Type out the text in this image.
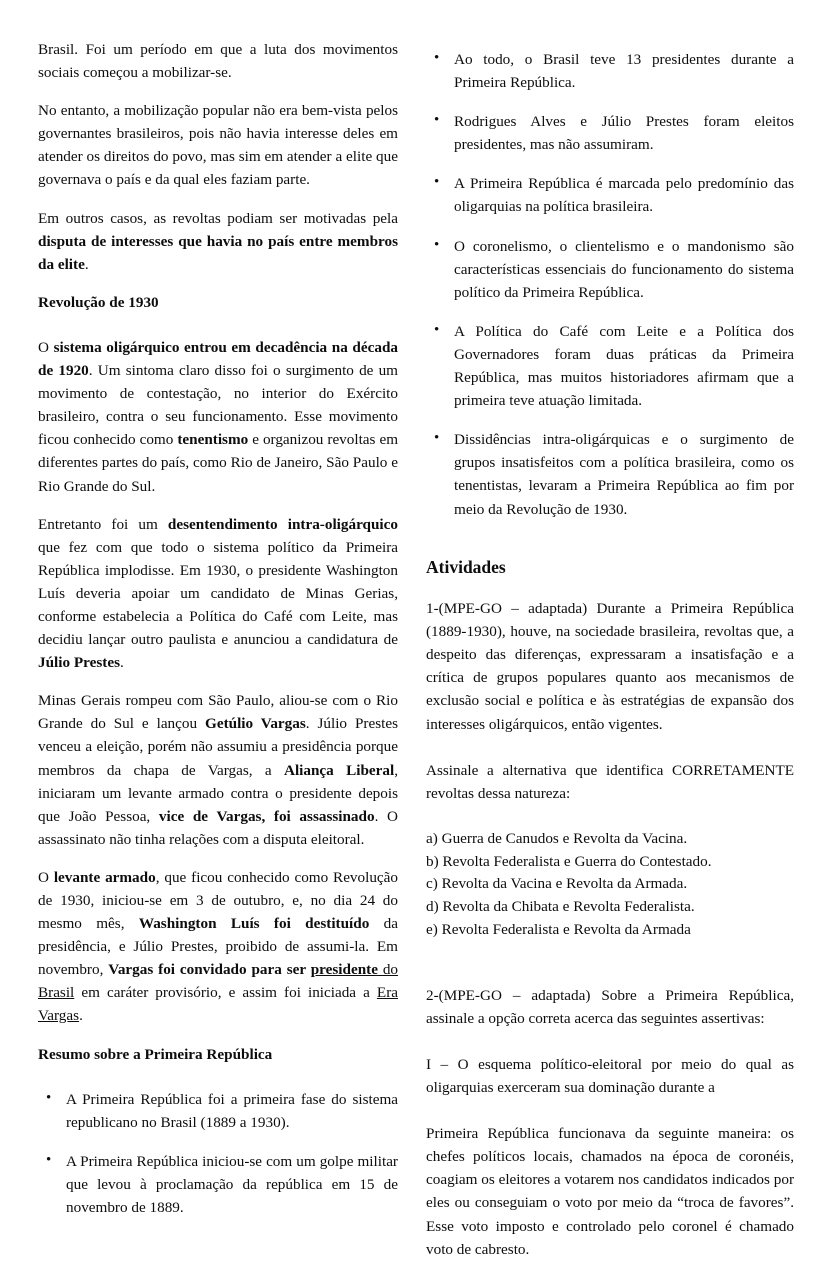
Brasil. Foi um período em que a luta dos movimentos sociais começou a mobilizar-se.

No entanto, a mobilização popular não era bem-vista pelos governantes brasileiros, pois não havia interesse deles em atender os direitos do povo, mas sim em atender a elite que governava o país e da qual eles faziam parte.

Em outros casos, as revoltas podiam ser motivadas pela disputa de interesses que havia no país entre membros da elite.

Revolução de 1930

O sistema oligárquico entrou em decadência na década de 1920. Um sintoma claro disso foi o surgimento de um movimento de contestação, no interior do Exército brasileiro, contra o seu funcionamento. Esse movimento ficou conhecido como tenentismo e organizou revoltas em diferentes partes do país, como Rio de Janeiro, São Paulo e Rio Grande do Sul.

Entretanto foi um desentendimento intra-oligárquico que fez com que todo o sistema político da Primeira República implodisse. Em 1930, o presidente Washington Luís deveria apoiar um candidato de Minas Gerias, conforme estabelecia a Política do Café com Leite, mas decidiu lançar outro paulista e anunciou a candidatura de Júlio Prestes.

Minas Gerais rompeu com São Paulo, aliou-se com o Rio Grande do Sul e lançou Getúlio Vargas. Júlio Prestes venceu a eleição, porém não assumiu a presidência porque membros da chapa de Vargas, a Aliança Liberal, iniciaram um levante armado contra o presidente depois que João Pessoa, vice de Vargas, foi assassinado. O assassinato não tinha relações com a disputa eleitoral.

O levante armado, que ficou conhecido como Revolução de 1930, iniciou-se em 3 de outubro, e, no dia 24 do mesmo mês, Washington Luís foi destituído da presidência, e Júlio Prestes, proibido de assumi-la. Em novembro, Vargas foi convidado para ser presidente do Brasil em caráter provisório, e assim foi iniciada a Era Vargas.

Resumo sobre a Primeira República

• A Primeira República foi a primeira fase do sistema republicano no Brasil (1889 a 1930).
• A Primeira República iniciou-se com um golpe militar que levou à proclamação da república em 15 de novembro de 1889.
• Ao todo, o Brasil teve 13 presidentes durante a Primeira República.
• Rodrigues Alves e Júlio Prestes foram eleitos presidentes, mas não assumiram.
• A Primeira República é marcada pelo predomínio das oligarquias na política brasileira.
• O coronelismo, o clientelismo e o mandonismo são características essenciais do funcionamento do sistema político da Primeira República.
• A Política do Café com Leite e a Política dos Governadores foram duas práticas da Primeira República, mas muitos historiadores afirmam que a primeira teve atuação limitada.
• Dissidências intra-oligárquicas e o surgimento de grupos insatisfeitos com a política brasileira, como os tenentistas, levaram a Primeira República ao fim por meio da Revolução de 1930.

Atividades

1-(MPE-GO – adaptada) Durante a Primeira República (1889-1930), houve, na sociedade brasileira, revoltas que, a despeito das diferenças, expressaram a insatisfação e a crítica de grupos populares quanto aos mecanismos de exclusão social e política e às estratégias de expansão dos interesses oligárquicos, então vigentes.

Assinale a alternativa que identifica CORRETAMENTE revoltas dessa natureza:

a) Guerra de Canudos e Revolta da Vacina.
b) Revolta Federalista e Guerra do Contestado.
c) Revolta da Vacina e Revolta da Armada.
d) Revolta da Chibata e Revolta Federalista.
e) Revolta Federalista e Revolta da Armada

2-(MPE-GO – adaptada) Sobre a Primeira República, assinale a opção correta acerca das seguintes assertivas:

I – O esquema político-eleitoral por meio do qual as oligarquias exerceram sua dominação durante a

Primeira República funcionava da seguinte maneira: os chefes políticos locais, chamados na época de coronéis, coagiam os eleitores a votarem nos candidatos indicados por eles ou conseguiam o voto por meio da “troca de favores”. Esse voto imposto e controlado pelo coronel é chamado voto de cabresto.
